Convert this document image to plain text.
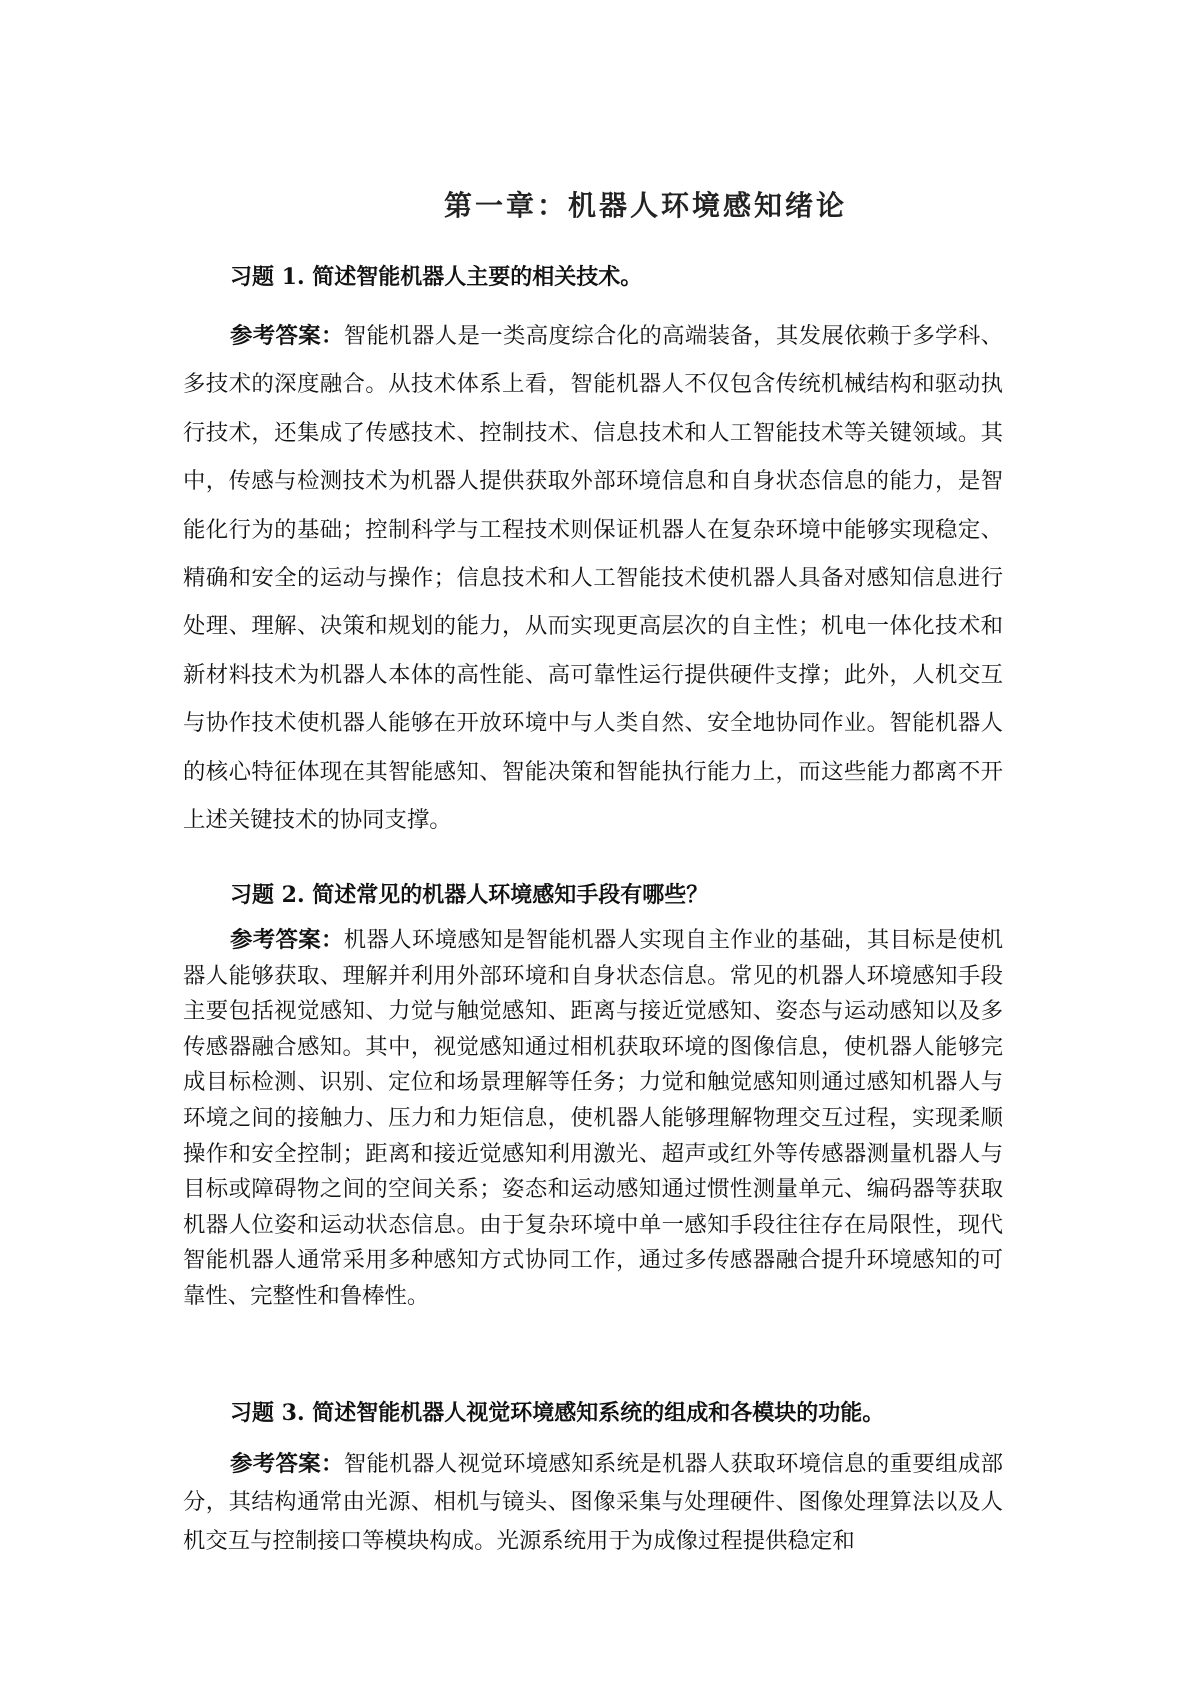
第一章：机器人环境感知绪论

习题 1. 简述智能机器人主要的相关技术。

参考答案：智能机器人是一类高度综合化的高端装备，其发展依赖于多学科、多技术的深度融合。从技术体系上看，智能机器人不仅包含传统机械结构和驱动执行技术，还集成了传感技术、控制技术、信息技术和人工智能技术等关键领域。其中，传感与检测技术为机器人提供获取外部环境信息和自身状态信息的能力，是智能化行为的基础；控制科学与工程技术则保证机器人在复杂环境中能够实现稳定、精确和安全的运动与操作；信息技术和人工智能技术使机器人具备对感知信息进行处理、理解、决策和规划的能力，从而实现更高层次的自主性；机电一体化技术和新材料技术为机器人本体的高性能、高可靠性运行提供硬件支撑；此外，人机交互与协作技术使机器人能够在开放环境中与人类自然、安全地协同作业。智能机器人的核心特征体现在其智能感知、智能决策和智能执行能力上，而这些能力都离不开上述关键技术的协同支撑。

习题 2. 简述常见的机器人环境感知手段有哪些？

参考答案：机器人环境感知是智能机器人实现自主作业的基础，其目标是使机器人能够获取、理解并利用外部环境和自身状态信息。常见的机器人环境感知手段主要包括视觉感知、力觉与触觉感知、距离与接近觉感知、姿态与运动感知以及多传感器融合感知。其中，视觉感知通过相机获取环境的图像信息，使机器人能够完成目标检测、识别、定位和场景理解等任务；力觉和触觉感知则通过感知机器人与环境之间的接触力、压力和力矩信息，使机器人能够理解物理交互过程，实现柔顺操作和安全控制；距离和接近觉感知利用激光、超声或红外等传感器测量机器人与目标或障碍物之间的空间关系；姿态和运动感知通过惯性测量单元、编码器等获取机器人位姿和运动状态信息。由于复杂环境中单一感知手段往往存在局限性，现代智能机器人通常采用多种感知方式协同工作，通过多传感器融合提升环境感知的可靠性、完整性和鲁棒性。

习题 3. 简述智能机器人视觉环境感知系统的组成和各模块的功能。

参考答案：智能机器人视觉环境感知系统是机器人获取环境信息的重要组成部分，其结构通常由光源、相机与镜头、图像采集与处理硬件、图像处理算法以及人机交互与控制接口等模块构成。光源系统用于为成像过程提供稳定和
